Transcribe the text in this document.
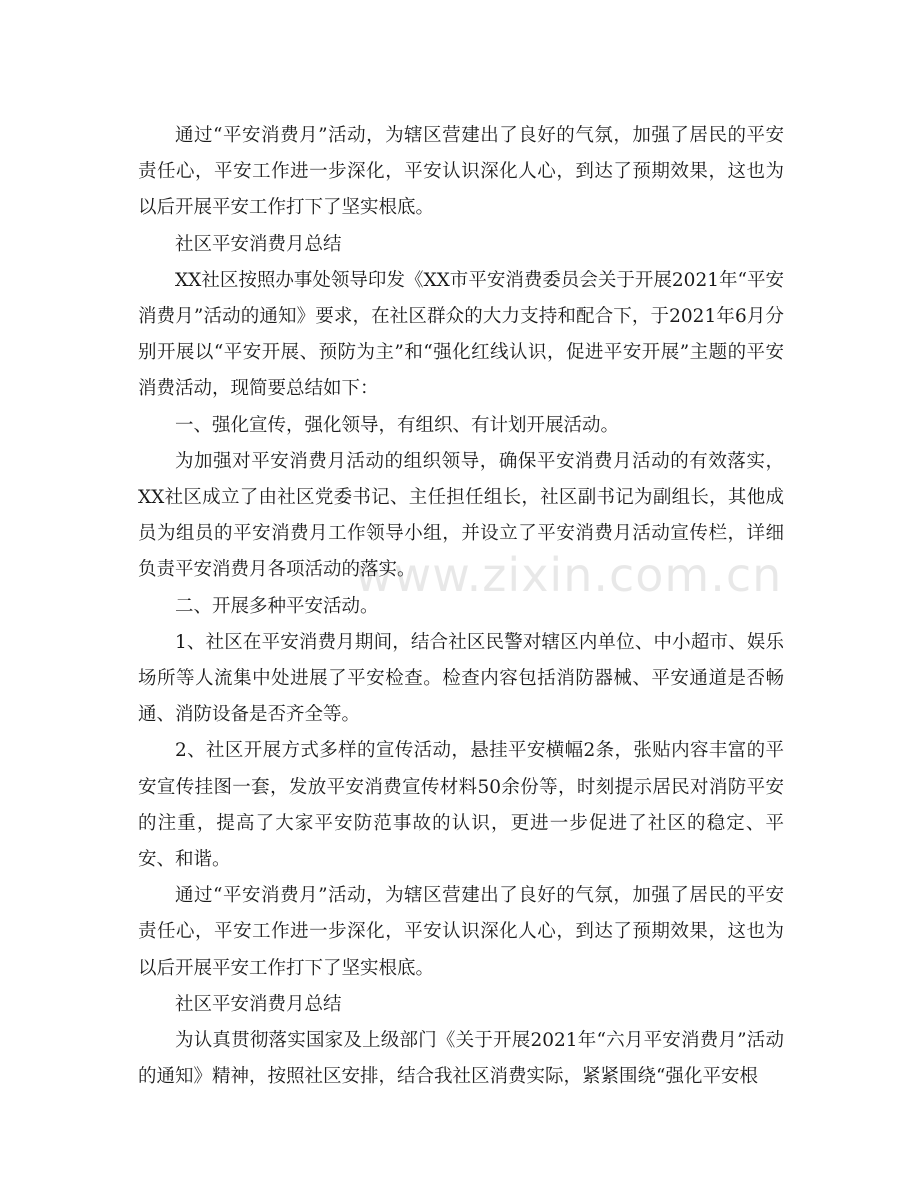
通过“平安消费月”活动，为辖区营建出了良好的气氛，加强了居民的平安责任心，平安工作进一步深化，平安认识深化人心，到达了预期效果，这也为以后开展平安工作打下了坚实根底。

社区平安消费月总结

XX社区按照办事处领导印发《XX市平安消费委员会关于开展2021年“平安消费月”活动的通知》要求，在社区群众的大力支持和配合下，于2021年6月分别开展以“平安开展、预防为主”和“强化红线认识，促进平安开展”主题的平安消费活动，现简要总结如下：

一、强化宣传，强化领导，有组织、有计划开展活动。

为加强对平安消费月活动的组织领导，确保平安消费月活动的有效落实，XX社区成立了由社区党委书记、主任担任组长，社区副书记为副组长，其他成员为组员的平安消费月工作领导小组，并设立了平安消费月活动宣传栏，详细负责平安消费月各项活动的落实。

二、开展多种平安活动。

1、社区在平安消费月期间，结合社区民警对辖区内单位、中小超市、娱乐场所等人流集中处进展了平安检查。检查内容包括消防器械、平安通道是否畅通、消防设备是否齐全等。

2、社区开展方式多样的宣传活动，悬挂平安横幅2条，张贴内容丰富的平安宣传挂图一套，发放平安消费宣传材料50余份等，时刻提示居民对消防平安的注重，提高了大家平安防范事故的认识，更进一步促进了社区的稳定、平安、和谐。

通过“平安消费月”活动，为辖区营建出了良好的气氛，加强了居民的平安责任心，平安工作进一步深化，平安认识深化人心，到达了预期效果，这也为以后开展平安工作打下了坚实根底。

社区平安消费月总结

为认真贯彻落实国家及上级部门《关于开展2021年“六月平安消费月”活动的通知》精神，按照社区安排，结合我社区消费实际，紧紧围绕“强化平安根

www.zixin.com.cn
